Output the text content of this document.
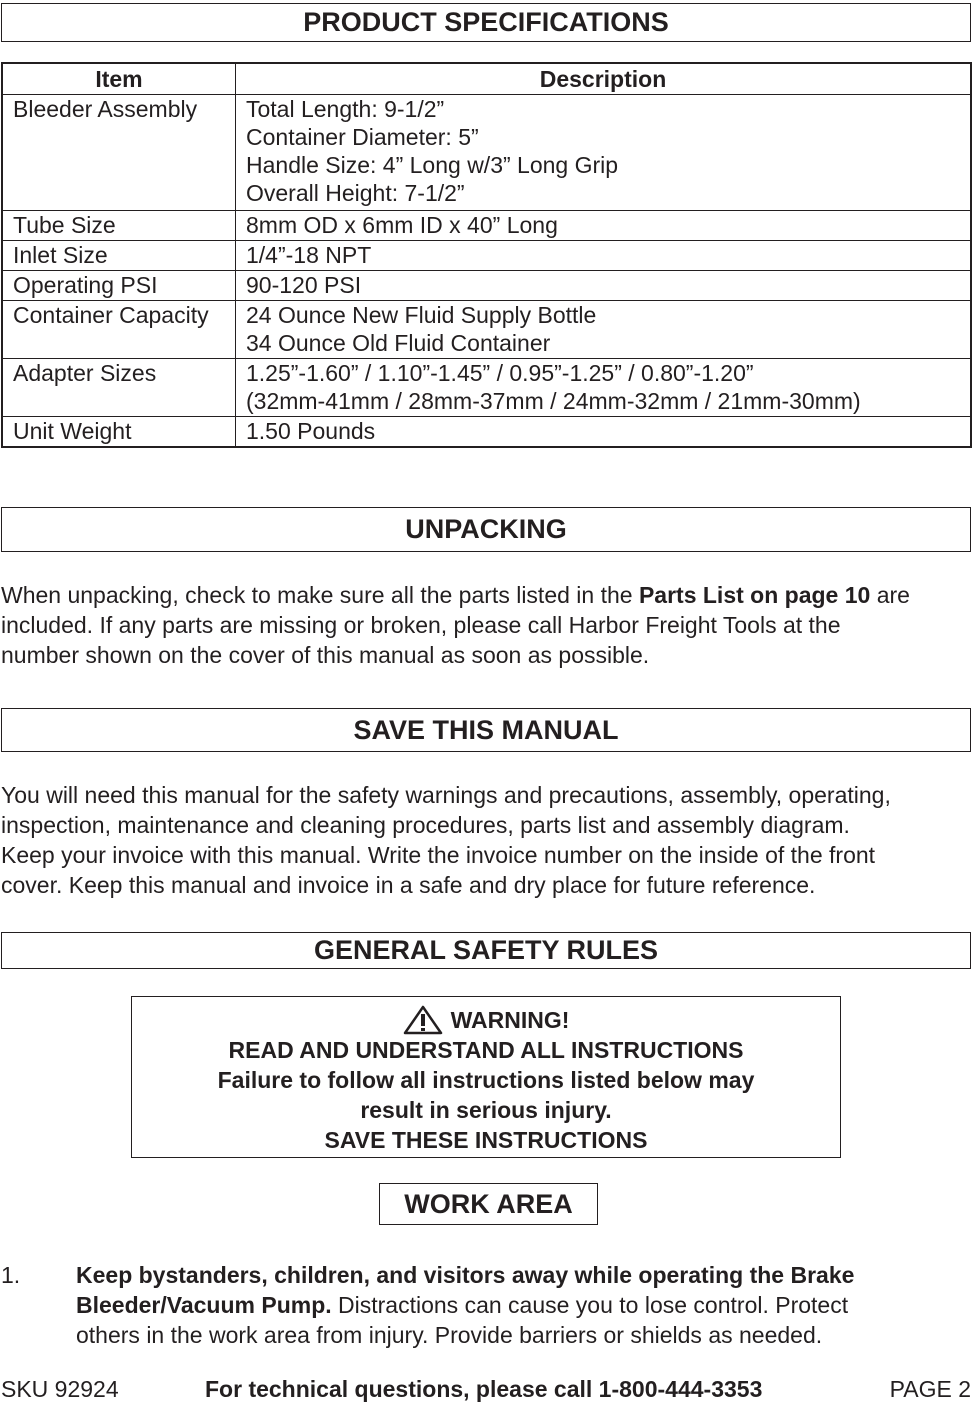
PRODUCT SPECIFICATIONS
Item	Description
Bleeder Assembly	Total Length: 9-1/2”
Container Diameter: 5”
Handle Size: 4” Long w/3” Long Grip
Overall Height: 7-1/2”

Tube Size	8mm OD x 6mm ID x 40” Long

Inlet Size	1/4”-18 NPT

Operating PSI	90-120 PSI

Container Capacity	24 Ounce New Fluid Supply Bottle
34 Ounce Old Fluid Container

Adapter Sizes	1.25”-1.60” / 1.10”-1.45” / 0.95”-1.25” / 0.80”-1.20”
(32mm-41mm / 28mm-37mm / 24mm-32mm / 21mm-30mm)

Unit Weight	1.50 Pounds
UNPACKING

When unpacking, check to make sure all the parts listed in the Parts List on page 10 are

included. If any parts are missing or broken, please call Harbor Freight Tools at the

number shown on the cover of this manual as soon as possible.

SAVE THIS MANUAL

You will need this manual for the safety warnings and precautions, assembly, operating,

inspection, maintenance and cleaning procedures, parts list and assembly diagram.

Keep your invoice with this manual. Write the invoice number on the inside of the front

cover. Keep this manual and invoice in a safe and dry place for future reference.

GENERAL SAFETY RULES
WARNING!

READ AND UNDERSTAND ALL INSTRUCTIONS

Failure to follow all instructions listed below may

result in serious injury.

SAVE THESE INSTRUCTIONS

WORK AREA
1. Keep bystanders, children, and visitors away while operating the Brake

Bleeder/Vacuum Pump. Distractions can cause you to lose control. Protect

others in the work area from injury. Provide barriers or shields as needed.

SKU 92924	For technical questions, please call 1-800-444-3353	PAGE 2
